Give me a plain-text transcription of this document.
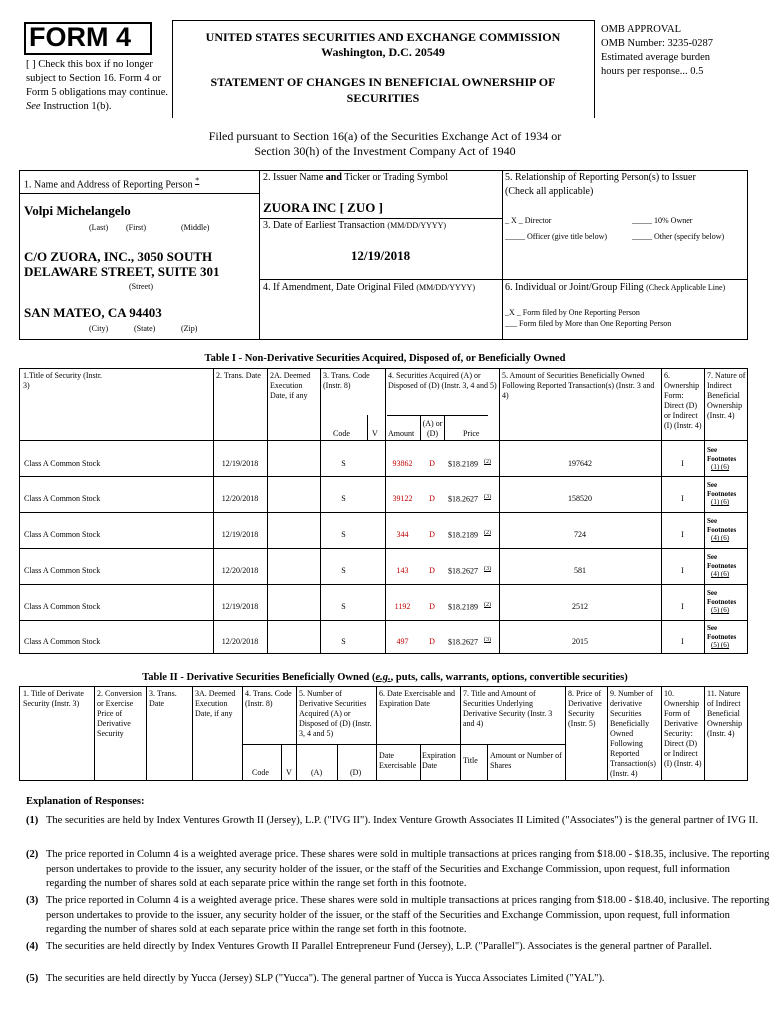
FORM 4
[ ] Check this box if no longer subject to Section 16. Form 4 or Form 5 obligations may continue. See Instruction 1(b).
UNITED STATES SECURITIES AND EXCHANGE COMMISSION
Washington, D.C. 20549
STATEMENT OF CHANGES IN BENEFICIAL OWNERSHIP OF
SECURITIES
OMB APPROVAL
OMB Number: 3235-0287
Estimated average burden
hours per response... 0.5
Filed pursuant to Section 16(a) of the Securities Exchange Act of 1934 or
Section 30(h) of the Investment Company Act of 1940
1. Name and Address of Reporting Person *
Volpi Michelangelo
(Last) (First)	(Middle)
C/O ZUORA, INC., 3050 SOUTH
DELAWARE STREET, SUITE 301
(Street)
SAN MATEO, CA 94403
(City)	(State)	(Zip)
2. Issuer Name and Ticker or Trading Symbol
ZUORA INC [ ZUO ]
3. Date of Earliest Transaction (MM/DD/YYYY)
12/19/2018
4. If Amendment, Date Original Filed (MM/DD/YYYY)
5. Relationship of Reporting Person(s) to Issuer
(Check all applicable)
_ X _ Director	_____ 10% Owner
_____ Officer (give title below)	_____ Other (specify below)
6. Individual or Joint/Group Filing (Check Applicable Line)
_X _ Form filed by One Reporting Person
___ Form filed by More than One Reporting Person
Table I - Non-Derivative Securities Acquired, Disposed of, or Beneficially Owned
1.Title of Security (Instr. 3)
2. Trans. Date	2A. Deemed Execution Date, if any
3. Trans. Code (Instr. 8)
4. Securities Acquired (A) or Disposed of (D) (Instr. 3, 4 and 5)
5. Amount of Securities Beneficially Owned Following Reported Transaction(s) (Instr. 3 and 4)
6. Ownership Form: Direct (D) or Indirect (I) (Instr. 4)
7. Nature of Indirect Beneficial Ownership (Instr. 4)
Code	V Amount
(A) or (D)	Price
Class A Common Stock	12/19/2018	S	93862	D	$18.2189 $^{(2)}$	197642	I
See Footnotes
(1) (6)
Class A Common Stock	12/20/2018	S	39122	D	$18.2627 $^{(3)}$	158520	I
See Footnotes
(1) (6)
Class A Common Stock	12/19/2018	S	344	D	$18.2189 $^{(2)}$	724	I
See Footnotes
(4) (6)
Class A Common Stock	12/20/2018	S	143	D	$18.2627 $^{(3)}$	581	I
See Footnotes
(4) (6)
Class A Common Stock	12/19/2018	S	1192	D	$18.2189 $^{(2)}$	2512	I
See Footnotes
(5) (6)
Class A Common Stock	12/20/2018	S	497	D	$18.2627 $^{(3)}$	2015	I
See Footnotes
(5) (6)
Table II - Derivative Securities Beneficially Owned (e.g., puts, calls, warrants, options, convertible securities)
1. Title of Derivate Security (Instr. 3)
2. Conversion or Exercise Price of Derivative Security
3. Trans. Date
3A. Deemed Execution Date, if any
4. Trans. Code (Instr. 8)
5. Number of Derivative Securities Acquired (A) or Disposed of (D) (Instr. 3, 4 and 5)
6. Date Exercisable and Expiration Date
7. Title and Amount of Securities Underlying Derivative Security (Instr. 3 and 4)
8. Price of Derivative Security (Instr. 5)
9. Number of derivative Securities Beneficially Owned Following Reported Transaction(s) (Instr. 4)
10. Ownership Form of Derivative Security: Direct (D) or Indirect (I) (Instr. 4)
11. Nature of Indirect Beneficial Ownership (Instr. 4)
Code V (A)	(D)
Date Exercisable
Expiration Date
Title
Amount or Number of Shares
Explanation of Responses:
(1) The securities are held by Index Ventures Growth II (Jersey), L.P. ("IVG II"). Index Venture Growth Associates II Limited ("Associates") is the general partner of IVG II.
(2) The price reported in Column 4 is a weighted average price. These shares were sold in multiple transactions at prices ranging from $18.00 - $18.35, inclusive. The reporting person undertakes to provide to the issuer, any security holder of the issuer, or the staff of the Securities and Exchange Commission, upon request, full information regarding the number of shares sold at each separate price within the range set forth in this footnote.
(3) The price reported in Column 4 is a weighted average price. These shares were sold in multiple transactions at prices ranging from $18.00 - $18.40, inclusive. The reporting person undertakes to provide to the issuer, any security holder of the issuer, or the staff of the Securities and Exchange Commission, upon request, full information regarding the number of shares sold at each separate price within the range set forth in this footnote.
(4) The securities are held directly by Index Ventures Growth II Parallel Entrepreneur Fund (Jersey), L.P. ("Parallel"). Associates is the general partner of Parallel.
(5) The securities are held directly by Yucca (Jersey) SLP ("Yucca"). The general partner of Yucca is Yucca Associates Limited ("YAL").
